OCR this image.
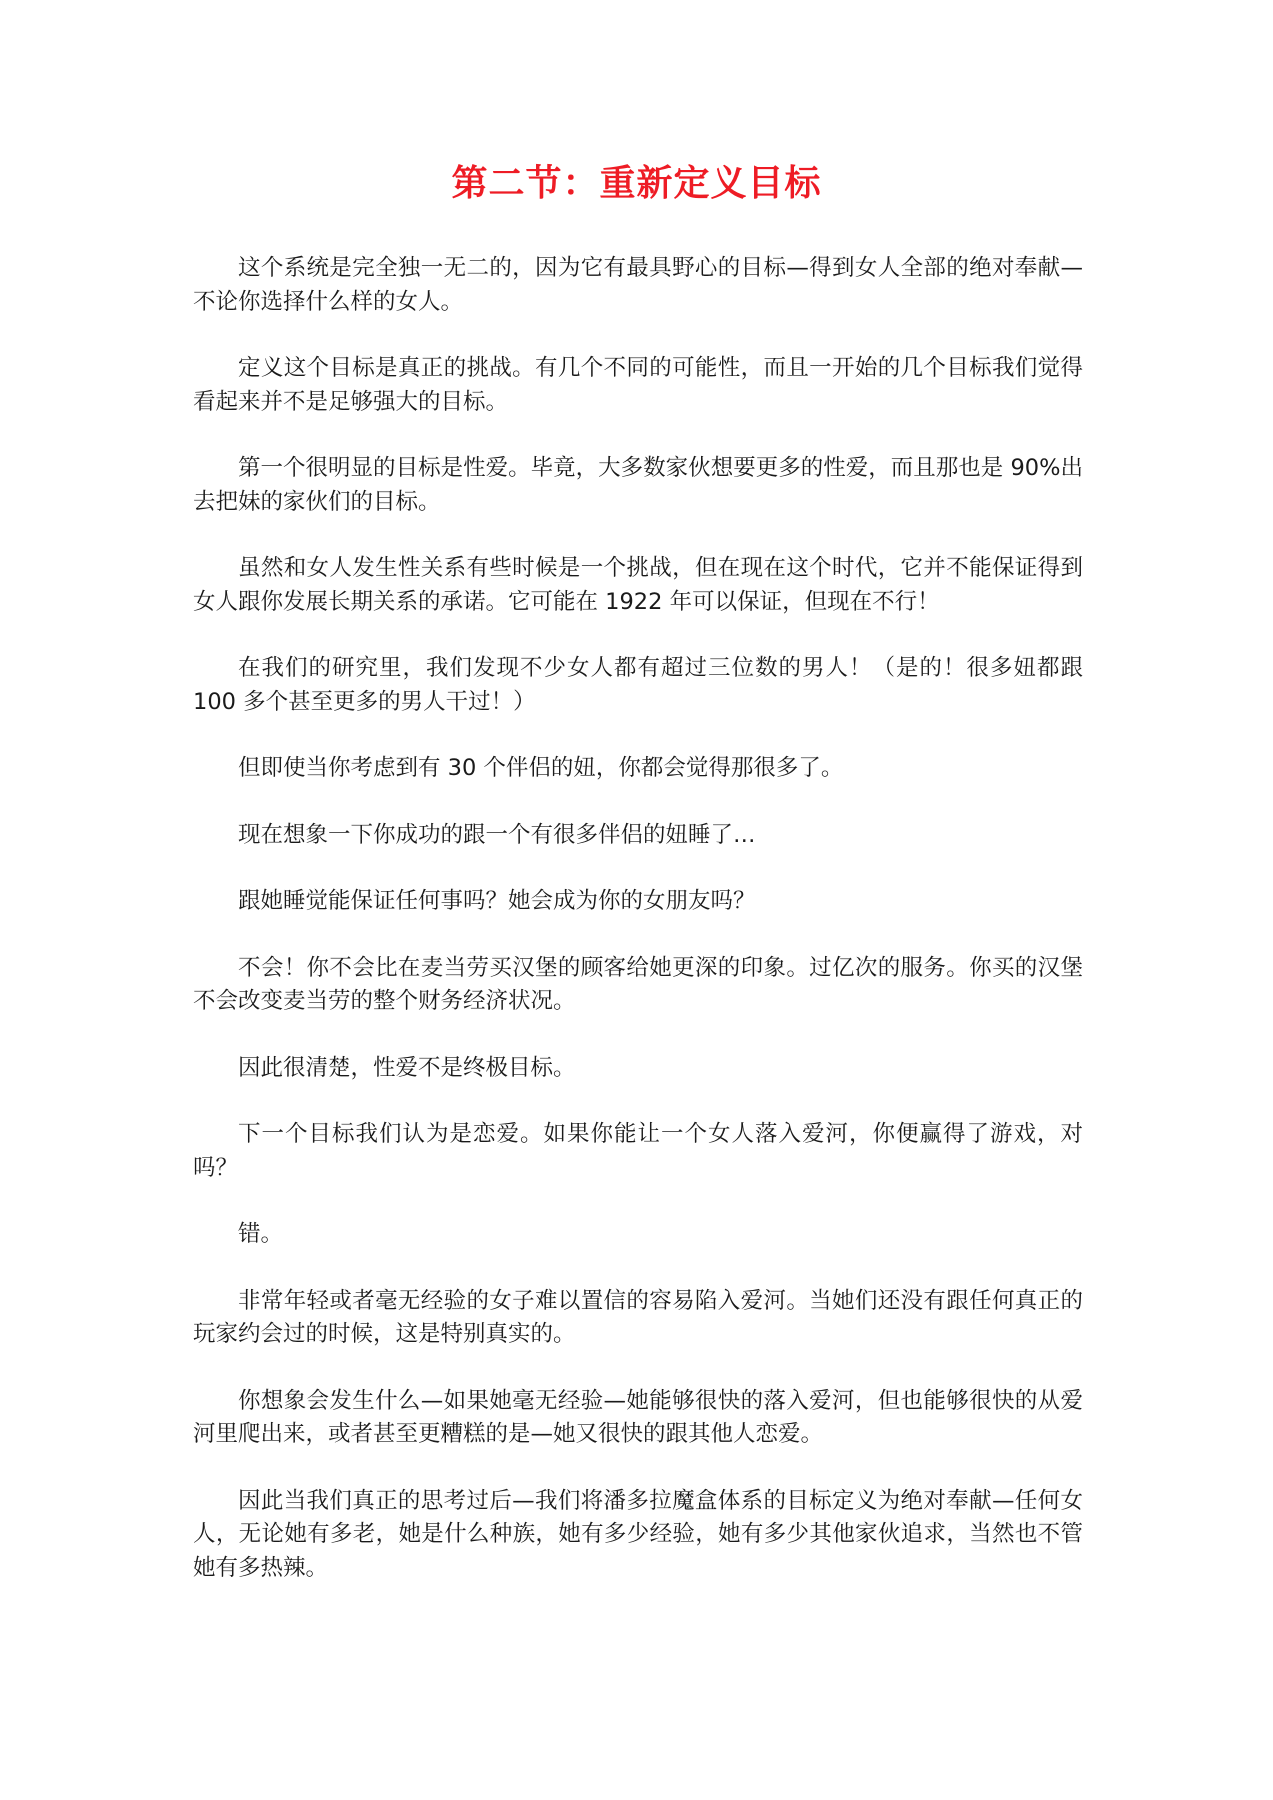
第二节：重新定义目标

这个系统是完全独一无二的，因为它有最具野心的目标—得到女人全部的绝对奉献—不论你选择什么样的女人。

定义这个目标是真正的挑战。有几个不同的可能性，而且一开始的几个目标我们觉得看起来并不是足够强大的目标。

第一个很明显的目标是性爱。毕竟，大多数家伙想要更多的性爱，而且那也是 90%出去把妹的家伙们的目标。

虽然和女人发生性关系有些时候是一个挑战，但在现在这个时代，它并不能保证得到女人跟你发展长期关系的承诺。它可能在 1922 年可以保证，但现在不行！

在我们的研究里，我们发现不少女人都有超过三位数的男人！（是的！很多妞都跟 100 多个甚至更多的男人干过！）

但即使当你考虑到有 30 个伴侣的妞，你都会觉得那很多了。

现在想象一下你成功的跟一个有很多伴侣的妞睡了…

跟她睡觉能保证任何事吗？她会成为你的女朋友吗？

不会！你不会比在麦当劳买汉堡的顾客给她更深的印象。过亿次的服务。你买的汉堡不会改变麦当劳的整个财务经济状况。

因此很清楚，性爱不是终极目标。

下一个目标我们认为是恋爱。如果你能让一个女人落入爱河，你便赢得了游戏，对吗？

错。

非常年轻或者毫无经验的女子难以置信的容易陷入爱河。当她们还没有跟任何真正的玩家约会过的时候，这是特别真实的。

你想象会发生什么—如果她毫无经验—她能够很快的落入爱河，但也能够很快的从爱河里爬出来，或者甚至更糟糕的是—她又很快的跟其他人恋爱。

因此当我们真正的思考过后—我们将潘多拉魔盒体系的目标定义为绝对奉献—任何女人，无论她有多老，她是什么种族，她有多少经验，她有多少其他家伙追求，当然也不管她有多热辣。
